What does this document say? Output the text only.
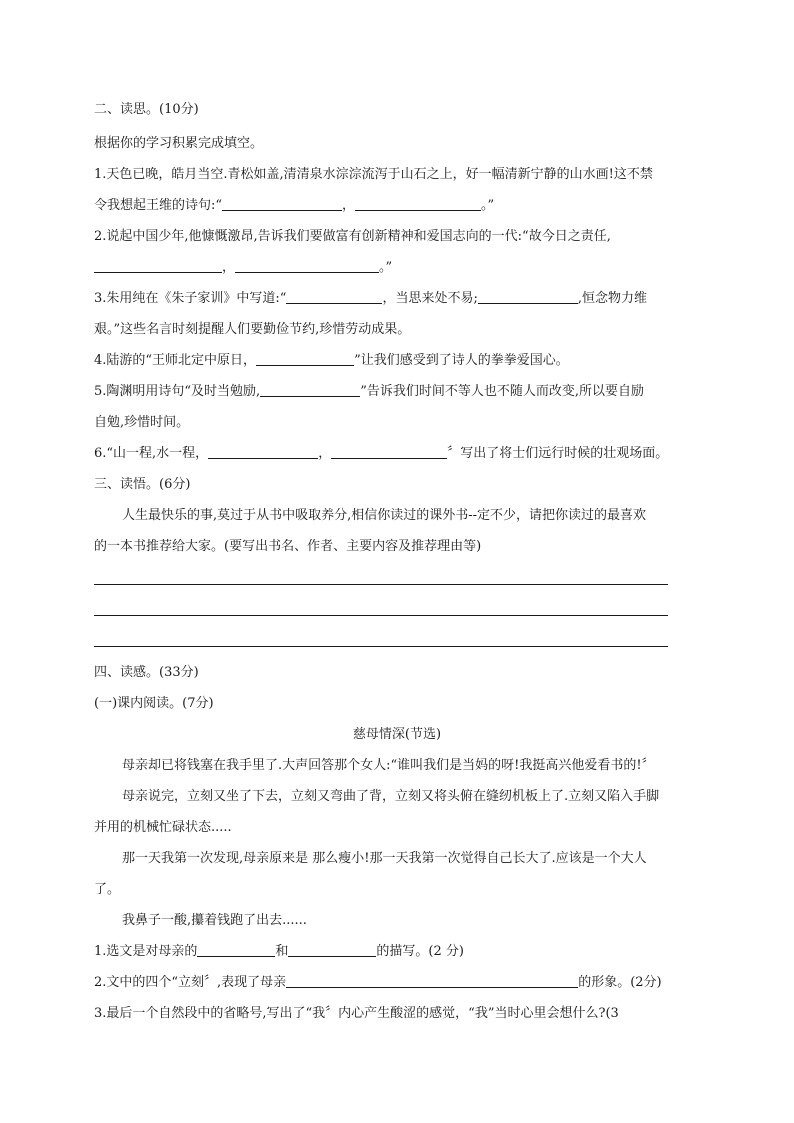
二、读思。(10分)
根据你的学习积累完成填空。
1.天色已晚，皓月当空.青松如盖,清清泉水淙淙流泻于山石之上，好一幅清新宁静的山水画!这不禁
令我想起王维的诗句:“	，	。”
2.说起中国少年,他慷慨激昂,告诉我们要做富有创新精神和爱国志向的一代:“故今日之责任,
，	。”
3.朱用纯在《朱子家训》中写道:“	，当思来处不易;	,恒念物力维
艰。”这些名言时刻提醒人们要勤俭节约,珍惜劳动成果。
4.陆游的“王师北定中原日，	”让我们感受到了诗人的拳拳爱国心。
5.陶渊明用诗句“及时当勉励,	”告诉我们时间不等人也不随人而改变,所以要自励
自勉,珍惜时间。
6.“山一程,水一程，	，	〞写出了将士们远行时候的壮观场面。
三、读悟。(6分)
人生最快乐的事,莫过于从书中吸取养分,相信你读过的课外书--定不少，请把你读过的最喜欢
的一本书推荐给大家。(要写出书名、作者、主要内容及推荐理由等)
四、读感。(33分)
(一)课内阅读。(7分)
慈母情深(节选)
母亲却已将钱塞在我手里了.大声回答那个女人:“谁叫我们是当妈的呀!我挺高兴他爱看书的!〞
母亲说完，立刻又坐了下去，立刻又弯曲了背，立刻又将头俯在缝纫机板上了.立刻又陷入手脚
并用的机械忙碌状态.....
那一天我第一次发现,母亲原来是 那么瘦小!那一天我第一次觉得自己长大了.应该是一个大人
了。
我鼻子一酸,攥着钱跑了出去......
1.选文是对母亲的	和	的描写。(2 分)
2.文中的四个“立刻〞,表现了母亲	的形象。(2分)
3.最后一个自然段中的省略号,写出了“我〞内心产生酸涩的感觉，“我”当时心里会想什么?(3
